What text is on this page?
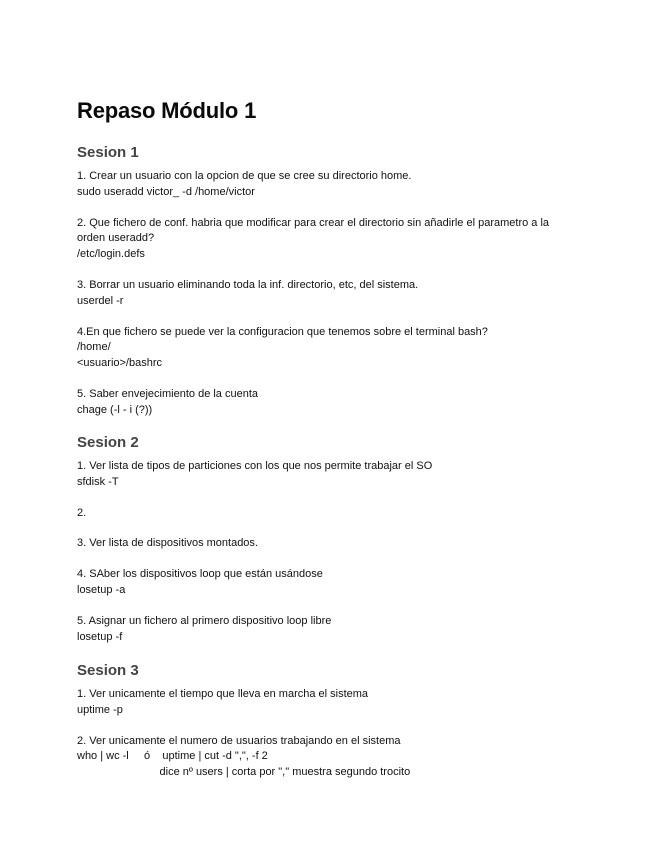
Repaso Módulo 1
Sesion 1
1. Crear un usuario con la opcion de que se cree su directorio home.
sudo useradd victor_ -d /home/victor
2. Que fichero de conf. habria que modificar para crear el directorio sin añadirle el parametro a la orden useradd?
/etc/login.defs
3. Borrar un usuario eliminando toda la inf. directorio, etc, del sistema.
userdel -r
4.En que fichero se puede ver la configuracion que tenemos sobre el terminal bash?
/home/
<usuario>/bashrc
5. Saber envejecimiento de la cuenta
chage (-l - i (?))
Sesion 2
1. Ver lista de tipos de particiones con los que nos permite trabajar el SO
sfdisk -T
2.
3. Ver lista de dispositivos montados.
4. SAber los dispositivos loop que están usándose
losetup -a
5. Asignar un fichero al primero dispositivo loop libre
losetup -f
Sesion 3
1. Ver unicamente el tiempo que lleva en marcha el sistema
uptime -p
2. Ver unicamente el numero de usuarios trabajando en el sistema
who | wc -l     ó    uptime | cut -d ",", -f 2
dice nº users | corta por "," muestra segundo trocito
